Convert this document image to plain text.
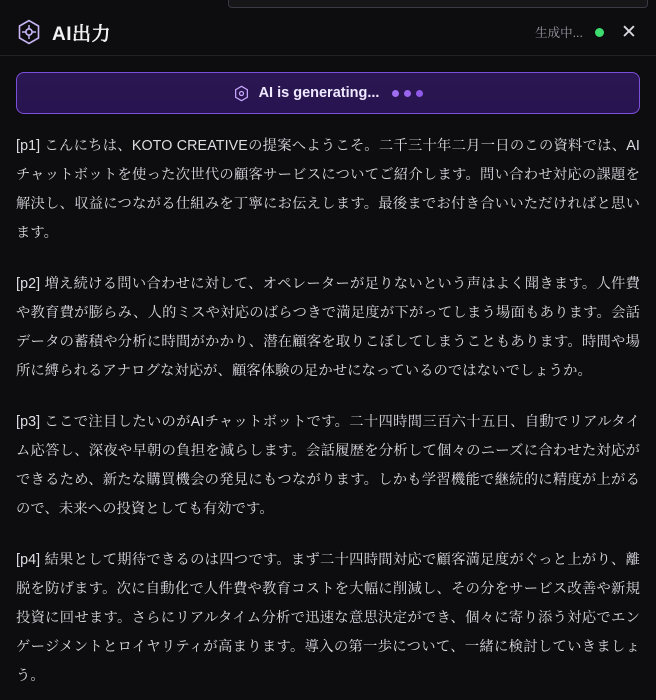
AI出力	生成中... ✕
AI is generating...

[p1] こんにちは、KOTO CREATIVEの提案へようこそ。二千三十年二月一日のこの資料では、AIチャットボットを使った次世代の顧客サービスについてご紹介します。問い合わせ対応の課題を解決し、収益につながる仕組みを丁寧にお伝えします。最後までお付き合いいただければと思います。

[p2] 増え続ける問い合わせに対して、オペレーターが足りないという声はよく聞きます。人件費や教育費が膨らみ、人的ミスや対応のばらつきで満足度が下がってしまう場面もあります。会話データの蓄積や分析に時間がかかり、潜在顧客を取りこぼしてしまうこともあります。時間や場所に縛られるアナログな対応が、顧客体験の足かせになっているのではないでしょうか。

[p3] ここで注目したいのがAIチャットボットです。二十四時間三百六十五日、自動でリアルタイム応答し、深夜や早朝の負担を減らします。会話履歴を分析して個々のニーズに合わせた対応ができるため、新たな購買機会の発見にもつながります。しかも学習機能で継続的に精度が上がるので、未来への投資としても有効です。

[p4] 結果として期待できるのは四つです。まず二十四時間対応で顧客満足度がぐっと上がり、離脱を防げます。次に自動化で人件費や教育コストを大幅に削減し、その分をサービス改善や新規投資に回せます。さらにリアルタイム分析で迅速な意思決定ができ、個々に寄り添う対応でエンゲージメントとロイヤリティが高まります。導入の第一歩について、一緒に検討していきましょう。
